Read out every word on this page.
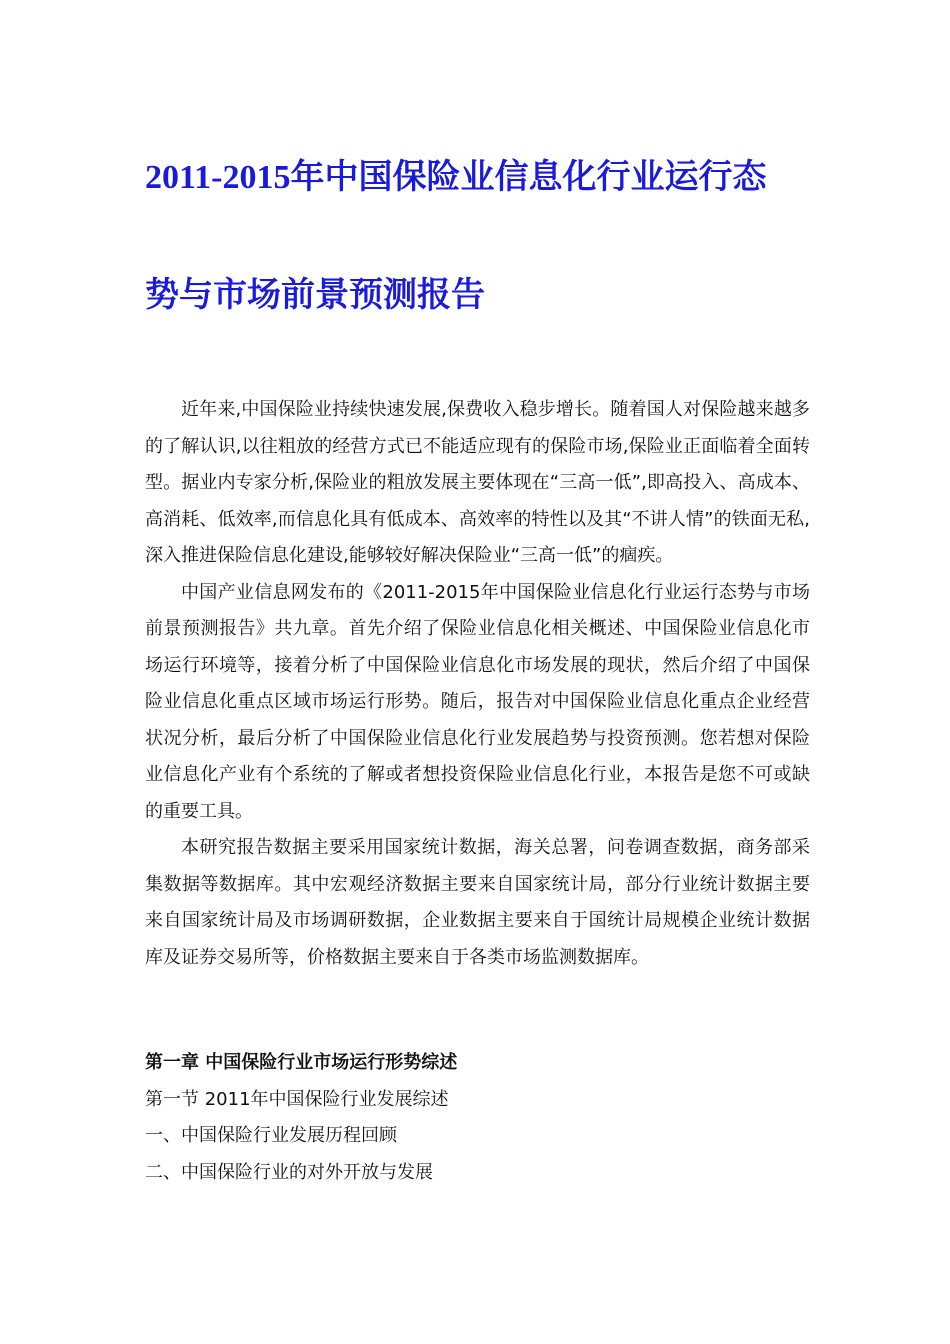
2011-2015年中国保险业信息化行业运行态
势与市场前景预测报告

近年来,中国保险业持续快速发展,保费收入稳步增长。随着国人对保险越来越多的了解认识,以往粗放的经营方式已不能适应现有的保险市场,保险业正面临着全面转型。据业内专家分析,保险业的粗放发展主要体现在“三高一低”,即高投入、高成本、高消耗、低效率,而信息化具有低成本、高效率的特性以及其“不讲人情”的铁面无私,深入推进保险信息化建设,能够较好解决保险业“三高一低”的痼疾。

中国产业信息网发布的《2011-2015年中国保险业信息化行业运行态势与市场前景预测报告》共九章。首先介绍了保险业信息化相关概述、中国保险业信息化市场运行环境等，接着分析了中国保险业信息化市场发展的现状，然后介绍了中国保险业信息化重点区域市场运行形势。随后，报告对中国保险业信息化重点企业经营状况分析，最后分析了中国保险业信息化行业发展趋势与投资预测。您若想对保险业信息化产业有个系统的了解或者想投资保险业信息化行业，本报告是您不可或缺的重要工具。

本研究报告数据主要采用国家统计数据，海关总署，问卷调查数据，商务部采集数据等数据库。其中宏观经济数据主要来自国家统计局，部分行业统计数据主要来自国家统计局及市场调研数据，企业数据主要来自于国统计局规模企业统计数据库及证券交易所等，价格数据主要来自于各类市场监测数据库。

第一章 中国保险行业市场运行形势综述

第一节 2011年中国保险行业发展综述

一、中国保险行业发展历程回顾

二、中国保险行业的对外开放与发展
